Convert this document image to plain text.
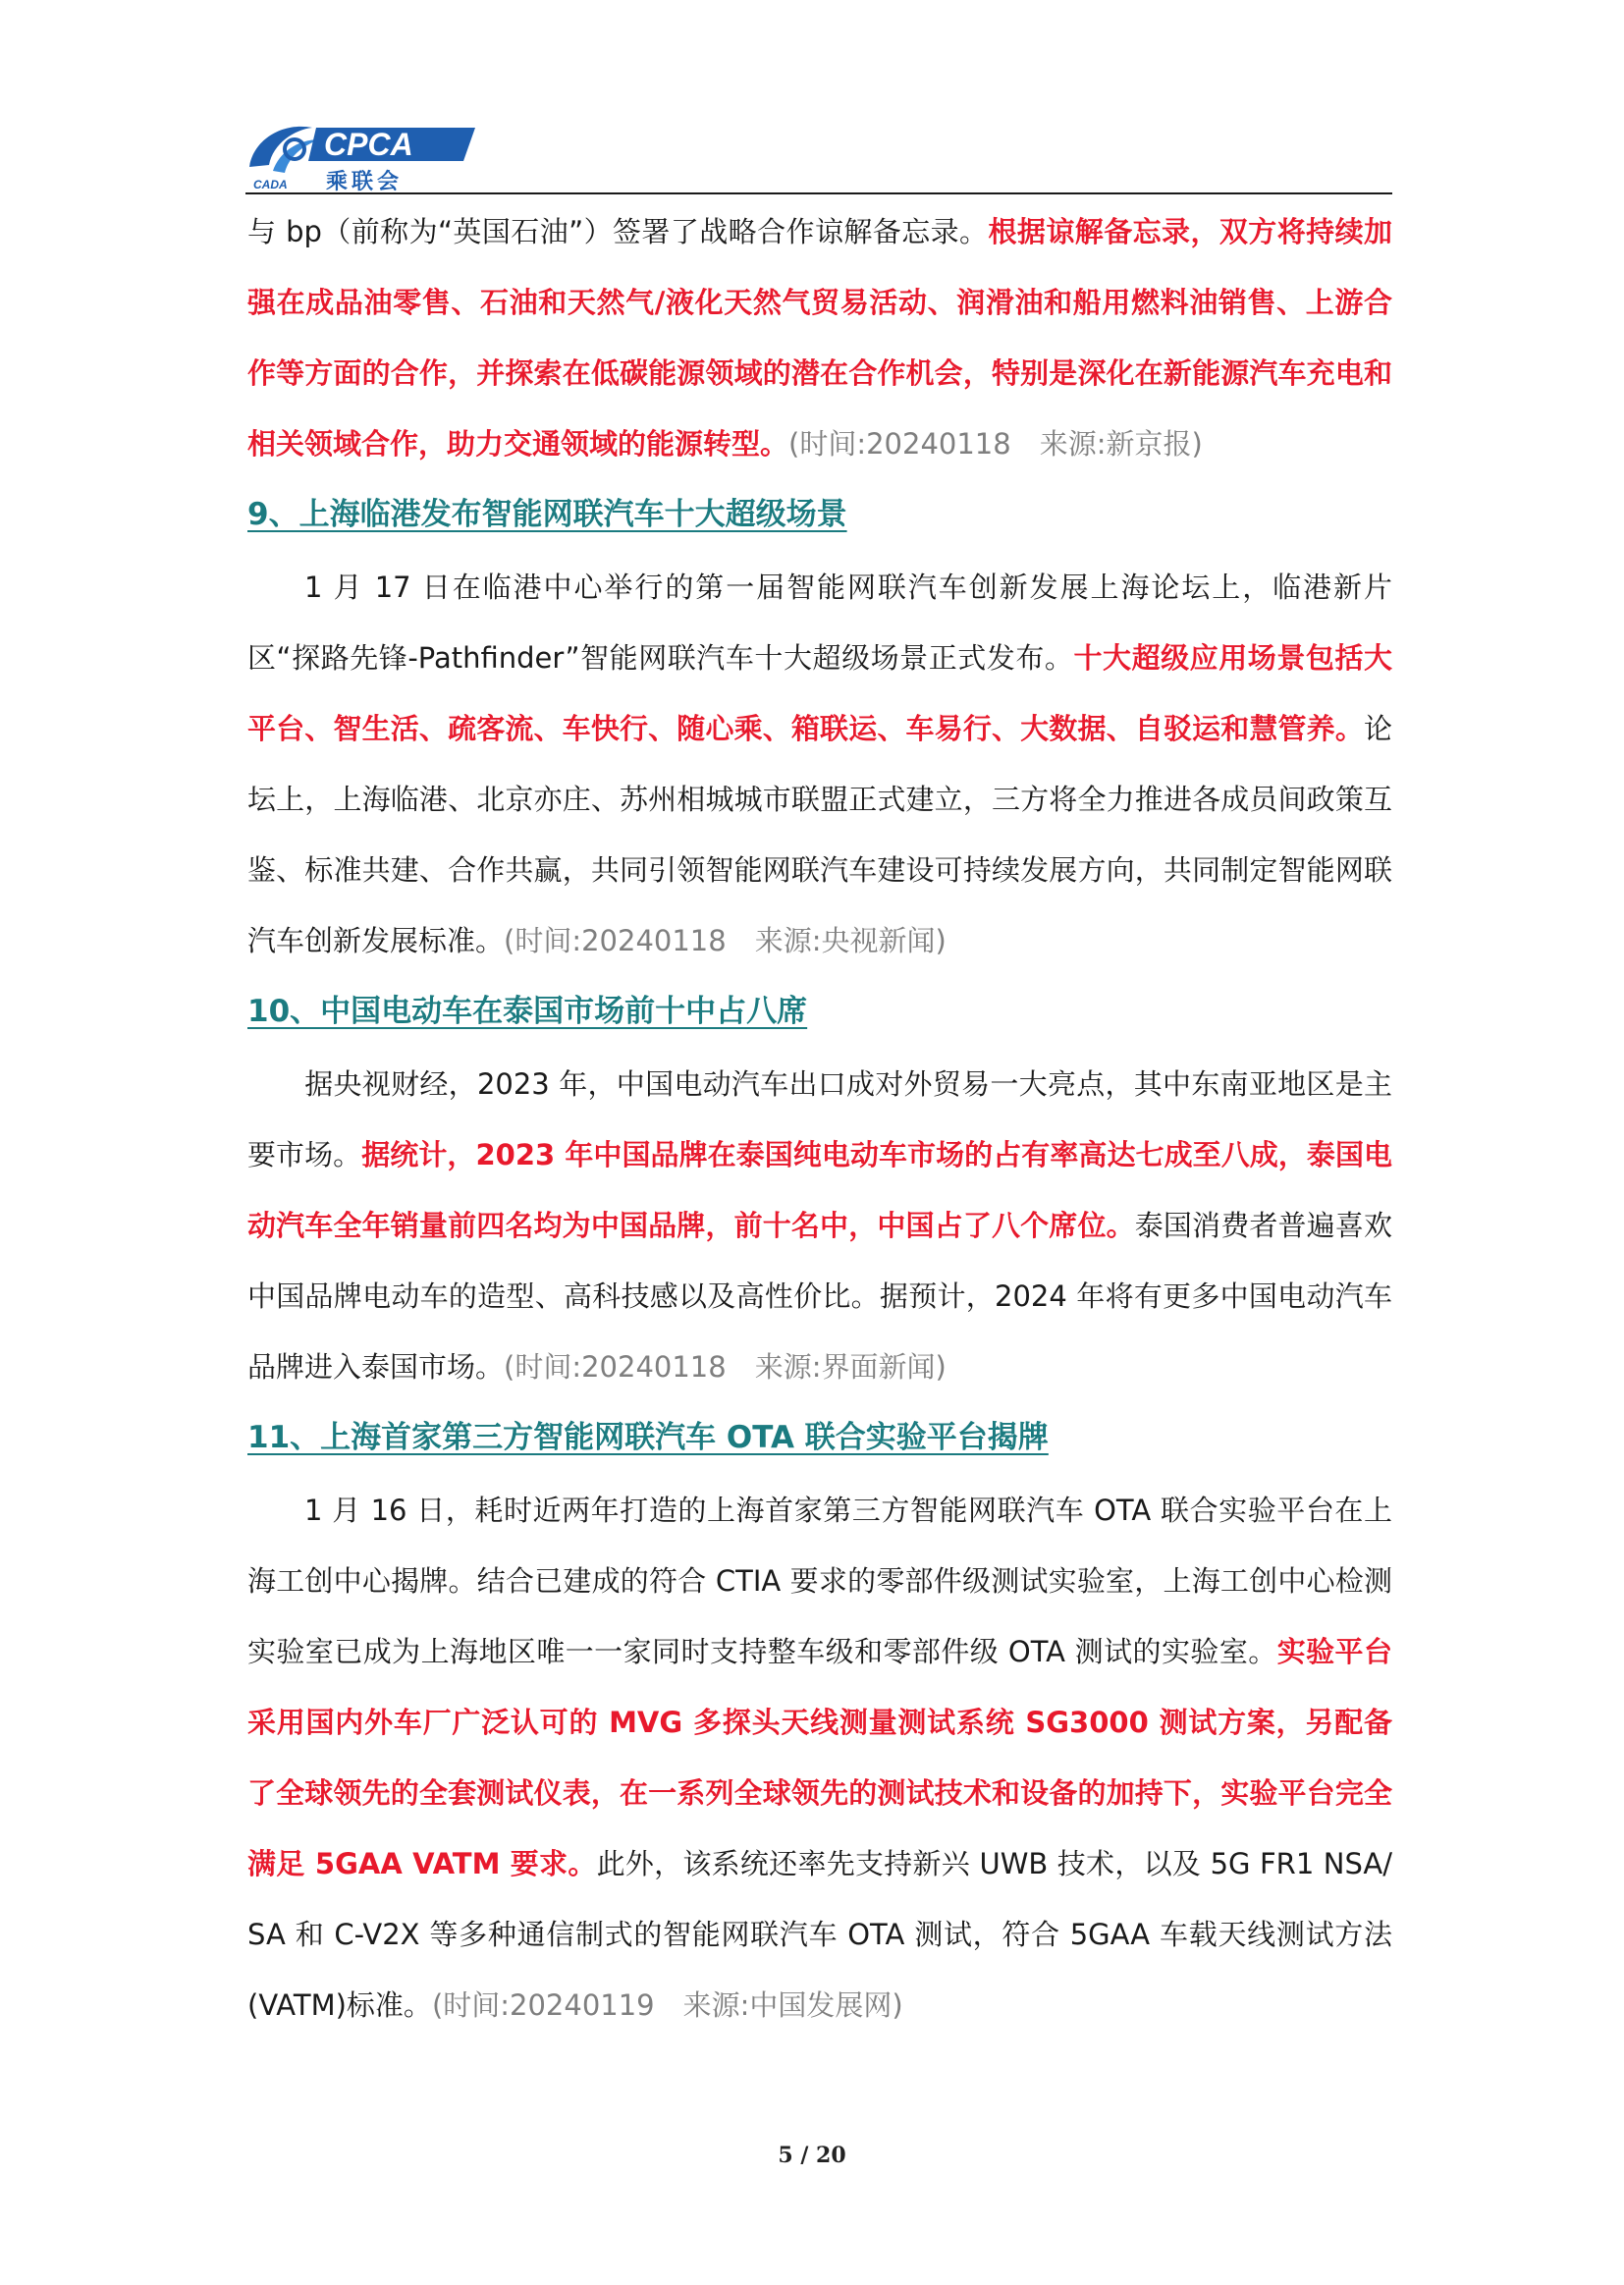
CPCA
CADA 乘联会

与 bp（前称为“英国石油”）签署了战略合作谅解备忘录。根据谅解备忘录，双方将持续加强在成品油零售、石油和天然气/液化天然气贸易活动、润滑油和船用燃料油销售、上游合作等方面的合作，并探索在低碳能源领域的潜在合作机会，特别是深化在新能源汽车充电和相关领域合作，助力交通领域的能源转型。(时间:20240118　来源:新京报)

9、上海临港发布智能网联汽车十大超级场景

1 月 17 日在临港中心举行的第一届智能网联汽车创新发展上海论坛上，临港新片区“探路先锋-Pathfinder”智能网联汽车十大超级场景正式发布。十大超级应用场景包括大平台、智生活、疏客流、车快行、随心乘、箱联运、车易行、大数据、自驳运和慧管养。论坛上，上海临港、北京亦庄、苏州相城城市联盟正式建立，三方将全力推进各成员间政策互鉴、标准共建、合作共赢，共同引领智能网联汽车建设可持续发展方向，共同制定智能网联汽车创新发展标准。(时间:20240118　来源:央视新闻)

10、中国电动车在泰国市场前十中占八席

据央视财经，2023 年，中国电动汽车出口成对外贸易一大亮点，其中东南亚地区是主要市场。据统计，2023 年中国品牌在泰国纯电动车市场的占有率高达七成至八成，泰国电动汽车全年销量前四名均为中国品牌，前十名中，中国占了八个席位。泰国消费者普遍喜欢中国品牌电动车的造型、高科技感以及高性价比。据预计，2024 年将有更多中国电动汽车品牌进入泰国市场。(时间:20240118　来源:界面新闻)

11、上海首家第三方智能网联汽车 OTA 联合实验平台揭牌

1 月 16 日，耗时近两年打造的上海首家第三方智能网联汽车 OTA 联合实验平台在上海工创中心揭牌。结合已建成的符合 CTIA 要求的零部件级测试实验室，上海工创中心检测实验室已成为上海地区唯一一家同时支持整车级和零部件级 OTA 测试的实验室。实验平台采用国内外车厂广泛认可的 MVG 多探头天线测量测试系统 SG3000 测试方案，另配备了全球领先的全套测试仪表，在一系列全球领先的测试技术和设备的加持下，实验平台完全满足 5GAA VATM 要求。此外，该系统还率先支持新兴 UWB 技术，以及 5G FR1 NSA/ SA 和 C-V2X 等多种通信制式的智能网联汽车 OTA 测试，符合 5GAA 车载天线测试方法(VATM)标准。(时间:20240119　来源:中国发展网)

5 / 20
